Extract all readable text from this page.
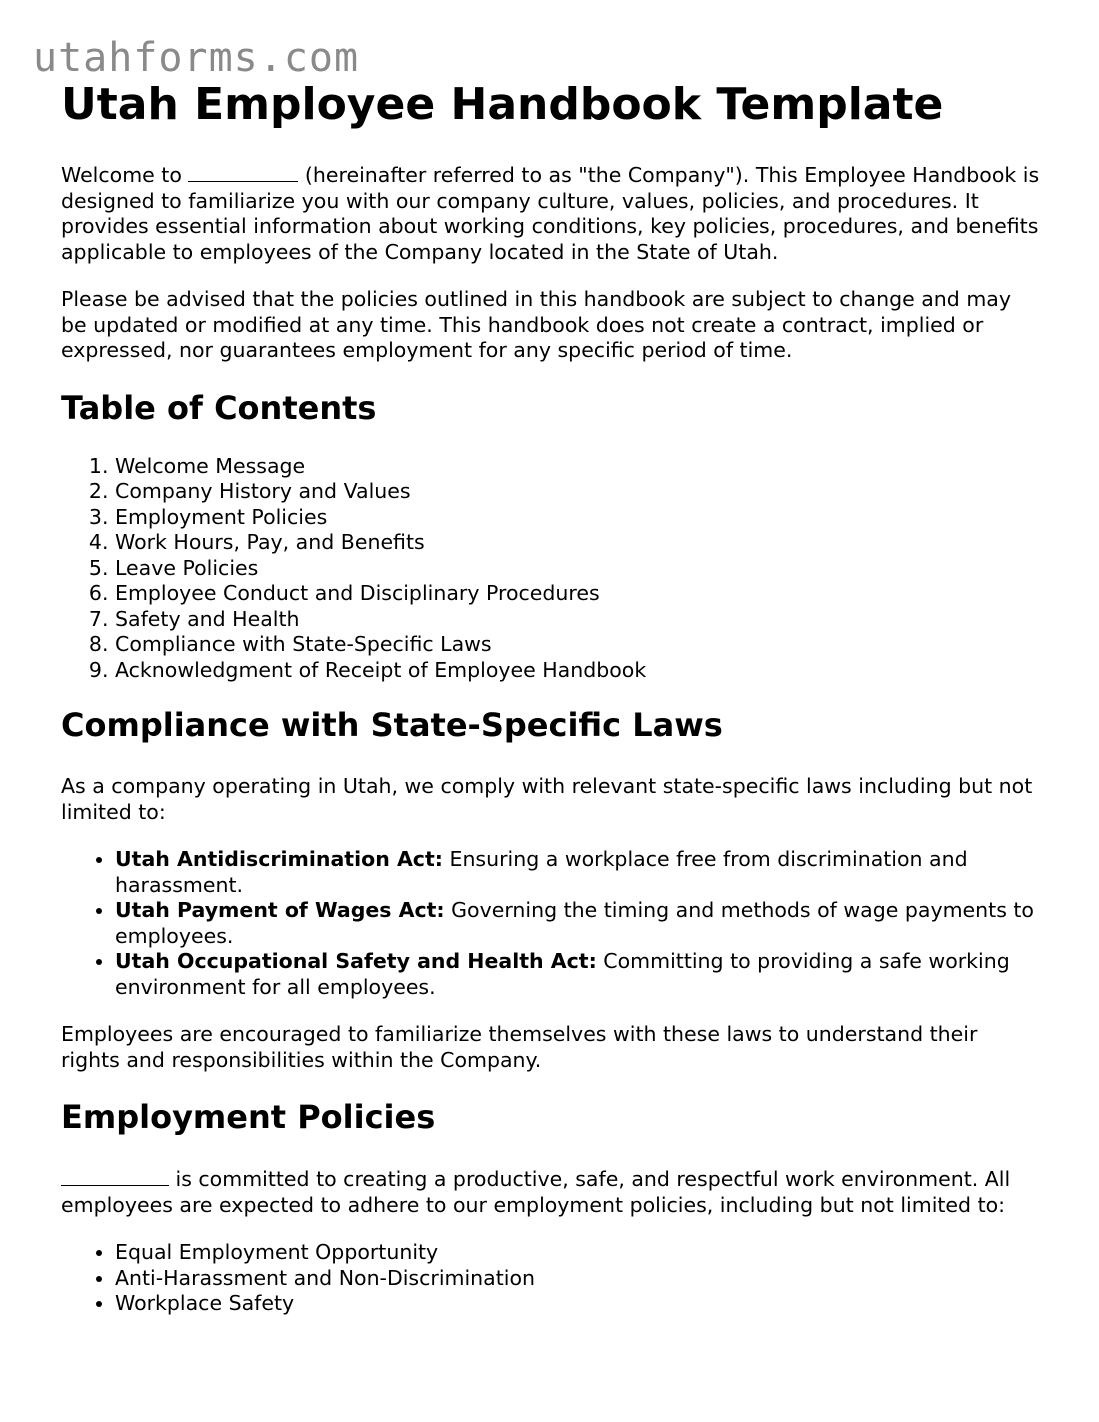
utahforms.com
Utah Employee Handbook Template

Welcome to	(hereinafter referred to as "the Company"). This Employee Handbook is designed to familiarize you with our company culture, values, policies, and procedures. It provides essential information about working conditions, key policies, procedures, and benefits applicable to employees of the Company located in the State of Utah.

Please be advised that the policies outlined in this handbook are subject to change and may be updated or modified at any time. This handbook does not create a contract, implied or expressed, nor guarantees employment for any specific period of time.

Table of Contents
1. Welcome Message
2. Company History and Values
3. Employment Policies
4. Work Hours, Pay, and Benefits
5. Leave Policies
6. Employee Conduct and Disciplinary Procedures
7. Safety and Health
8. Compliance with State-Specific Laws
9. Acknowledgment of Receipt of Employee Handbook
Compliance with State-Specific Laws

As a company operating in Utah, we comply with relevant state-specific laws including but not limited to:

• Utah Antidiscrimination Act: Ensuring a workplace free from discrimination and harassment.
• Utah Payment of Wages Act: Governing the timing and methods of wage payments to employees.
• Utah Occupational Safety and Health Act: Committing to providing a safe working environment for all employees.

Employees are encouraged to familiarize themselves with these laws to understand their rights and responsibilities within the Company.

Employment Policies

is committed to creating a productive, safe, and respectful work environment. All employees are expected to adhere to our employment policies, including but not limited to:

• Equal Employment Opportunity
• Anti-Harassment and Non-Discrimination
• Workplace Safety
